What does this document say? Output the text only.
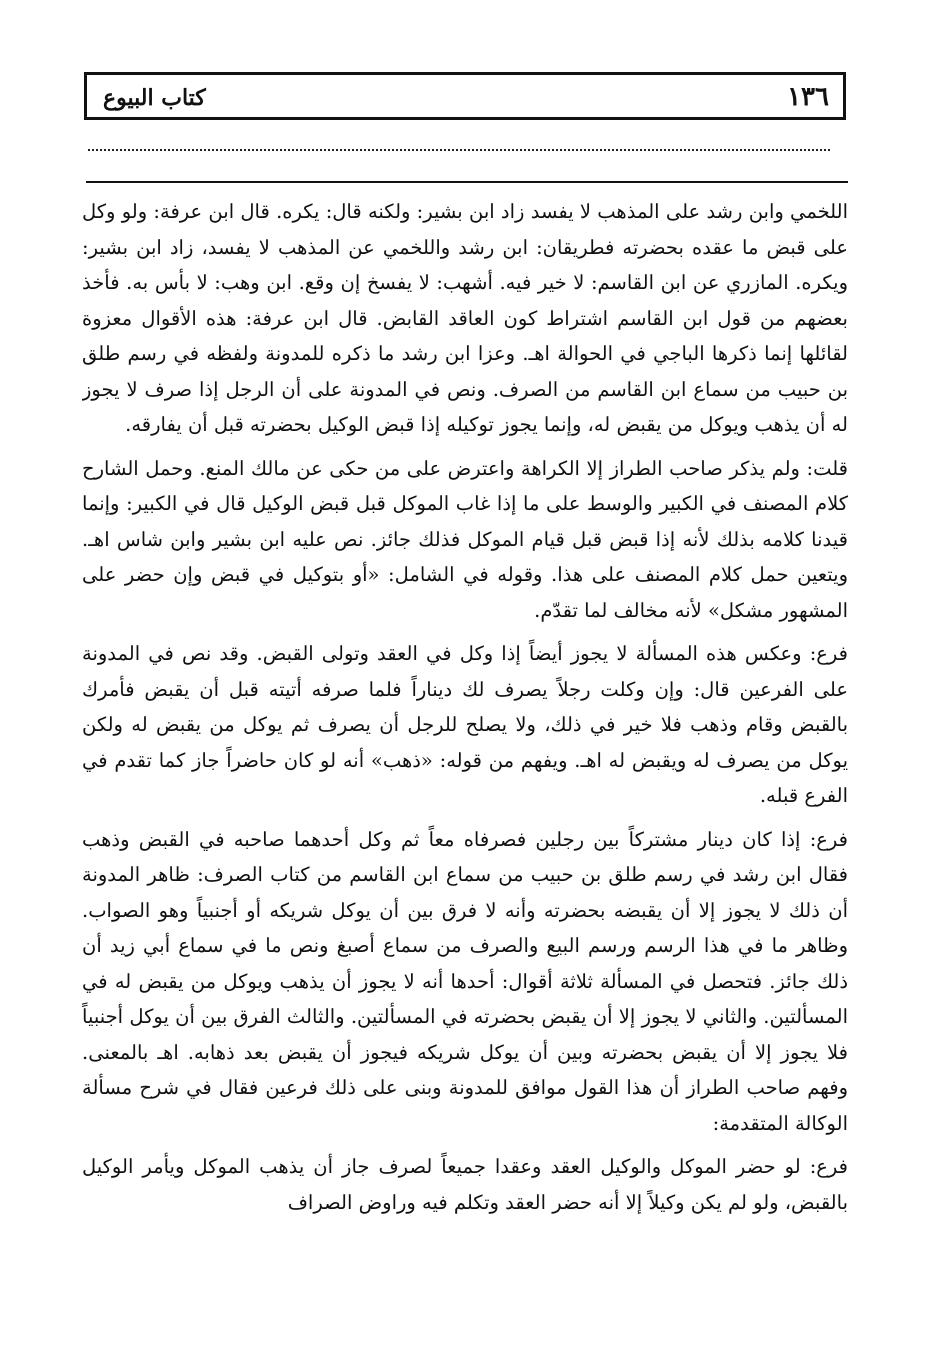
١٣٦
كتاب البيوع

اللخمي وابن رشد على المذهب لا يفسد زاد ابن بشير: ولكنه قال: يكره. قال ابن عرفة: ولو وكل على قبض ما عقده بحضرته فطريقان: ابن رشد واللخمي عن المذهب لا يفسد، زاد ابن بشير: ويكره. المازري عن ابن القاسم: لا خير فيه. أشهب: لا يفسخ إن وقع. ابن وهب: لا بأس به. فأخذ بعضهم من قول ابن القاسم اشتراط كون العاقد القابض. قال ابن عرفة: هذه الأقوال معزوة لقائلها إنما ذكرها الباجي في الحوالة اهـ. وعزا ابن رشد ما ذكره للمدونة ولفظه في رسم طلق بن حبيب من سماع ابن القاسم من الصرف. ونص في المدونة على أن الرجل إذا صرف لا يجوز له أن يذهب ويوكل من يقبض له، وإنما يجوز توكيله إذا قبض الوكيل بحضرته قبل أن يفارقه.

قلت: ولم يذكر صاحب الطراز إلا الكراهة واعترض على من حكى عن مالك المنع. وحمل الشارح كلام المصنف في الكبير والوسط على ما إذا غاب الموكل قبل قبض الوكيل قال في الكبير: وإنما قيدنا كلامه بذلك لأنه إذا قبض قبل قيام الموكل فذلك جائز. نص عليه ابن بشير وابن شاس اهـ. ويتعين حمل كلام المصنف على هذا. وقوله في الشامل: «أو بتوكيل في قبض وإن حضر على المشهور مشكل» لأنه مخالف لما تقدّم.

فرع: وعكس هذه المسألة لا يجوز أيضاً إذا وكل في العقد وتولى القبض. وقد نص في المدونة على الفرعين قال: وإن وكلت رجلاً يصرف لك ديناراً فلما صرفه أتيته قبل أن يقبض فأمرك بالقبض وقام وذهب فلا خير في ذلك، ولا يصلح للرجل أن يصرف ثم يوكل من يقبض له ولكن يوكل من يصرف له ويقبض له اهـ. ويفهم من قوله: «ذهب» أنه لو كان حاضراً جاز كما تقدم في الفرع قبله.

فرع: إذا كان دينار مشتركاً بين رجلين فصرفاه معاً ثم وكل أحدهما صاحبه في القبض وذهب فقال ابن رشد في رسم طلق بن حبيب من سماع ابن القاسم من كتاب الصرف: ظاهر المدونة أن ذلك لا يجوز إلا أن يقبضه بحضرته وأنه لا فرق بين أن يوكل شريكه أو أجنبياً وهو الصواب. وظاهر ما في هذا الرسم ورسم البيع والصرف من سماع أصبغ ونص ما في سماع أبي زيد أن ذلك جائز. فتحصل في المسألة ثلاثة أقوال: أحدها أنه لا يجوز أن يذهب ويوكل من يقبض له في المسألتين. والثاني لا يجوز إلا أن يقبض بحضرته في المسألتين. والثالث الفرق بين أن يوكل أجنبياً فلا يجوز إلا أن يقبض بحضرته وبين أن يوكل شريكه فيجوز أن يقبض بعد ذهابه. اهـ بالمعنى. وفهم صاحب الطراز أن هذا القول موافق للمدونة وبنى على ذلك فرعين فقال في شرح مسألة الوكالة المتقدمة:

فرع: لو حضر الموكل والوكيل العقد وعقدا جميعاً لصرف جاز أن يذهب الموكل ويأمر الوكيل بالقبض، ولو لم يكن وكيلاً إلا أنه حضر العقد وتكلم فيه وراوض الصراف
